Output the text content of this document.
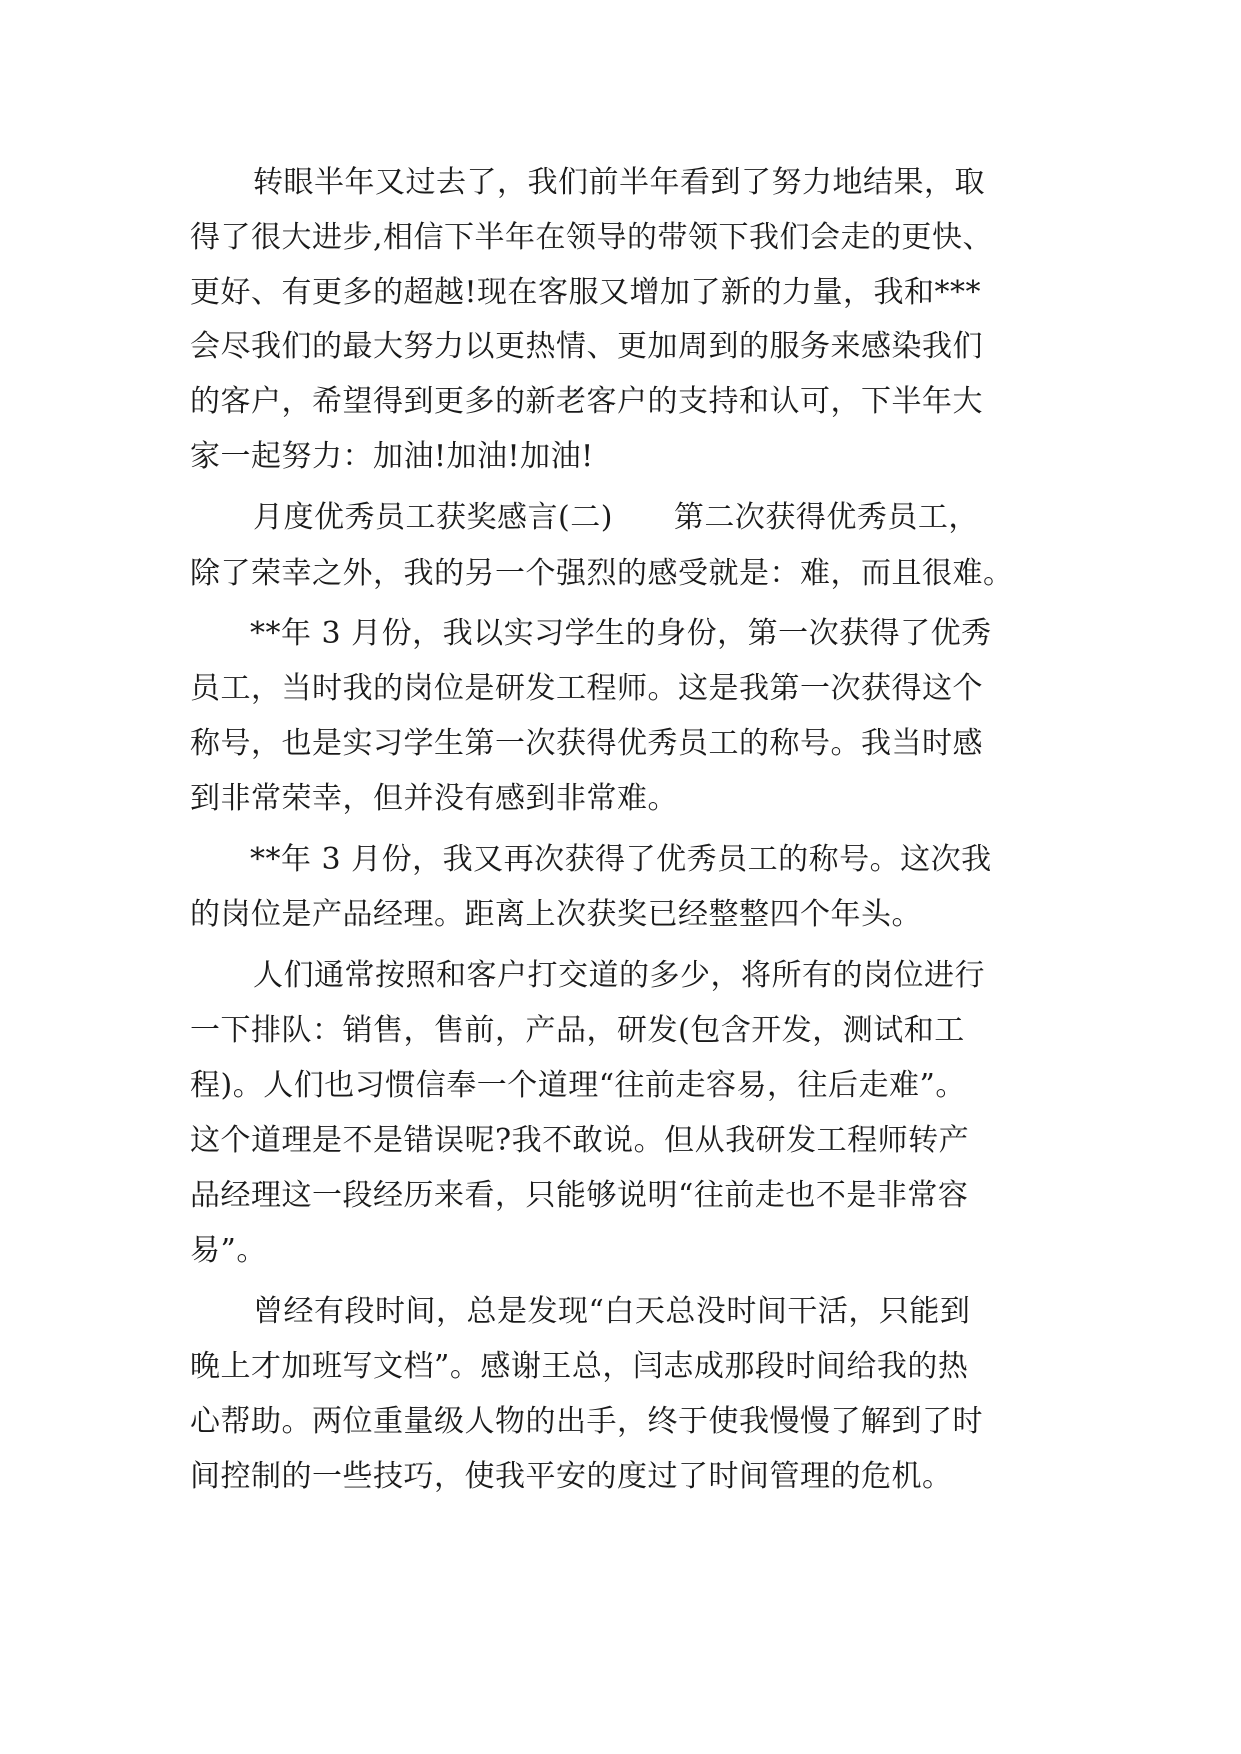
转眼半年又过去了，我们前半年看到了努力地结果，取
得了很大进步,相信下半年在领导的带领下我们会走的更快、
更好、有更多的超越!现在客服又增加了新的力量，我和***
会尽我们的最大努力以更热情、更加周到的服务来感染我们
的客户，希望得到更多的新老客户的支持和认可，下半年大
家一起努力：加油!加油!加油!
月度优秀员工获奖感言(二)　　第二次获得优秀员工，
除了荣幸之外，我的另一个强烈的感受就是：难，而且很难。
**年 3 月份，我以实习学生的身份，第一次获得了优秀
员工，当时我的岗位是研发工程师。这是我第一次获得这个
称号，也是实习学生第一次获得优秀员工的称号。我当时感
到非常荣幸，但并没有感到非常难。
**年 3 月份，我又再次获得了优秀员工的称号。这次我
的岗位是产品经理。距离上次获奖已经整整四个年头。
人们通常按照和客户打交道的多少，将所有的岗位进行
一下排队：销售，售前，产品，研发(包含开发，测试和工
程)。人们也习惯信奉一个道理“往前走容易，往后走难”。
这个道理是不是错误呢?我不敢说。但从我研发工程师转产
品经理这一段经历来看，只能够说明“往前走也不是非常容
易”。
曾经有段时间，总是发现“白天总没时间干活，只能到
晚上才加班写文档”。感谢王总，闫志成那段时间给我的热
心帮助。两位重量级人物的出手，终于使我慢慢了解到了时
间控制的一些技巧，使我平安的度过了时间管理的危机。
